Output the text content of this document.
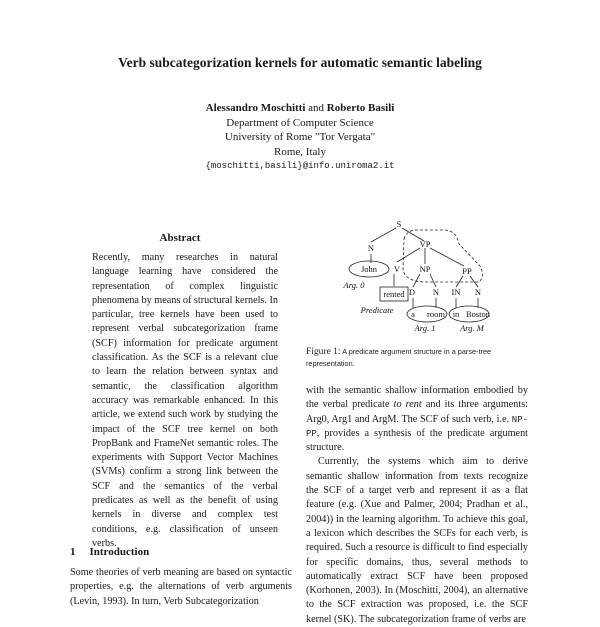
Verb subcategorization kernels for automatic semantic labeling
Alessandro Moschitti and Roberto Basili
Department of Computer Science
University of Rome "Tor Vergata"
Rome, Italy
{moschitti,basili}@info.uniroma2.it
Abstract

Recently, many researches in natural language learning have considered the representation of complex linguistic phenomena by means of structural kernels. In particular, tree kernels have been used to represent verbal subcategorization frame (SCF) information for predicate argument classification. As the SCF is a relevant clue to learn the relation between syntax and semantic, the classification algorithm accuracy was remarkable enhanced. In this article, we extend such work by studying the impact of the SCF tree kernel on both PropBank and FrameNet semantic roles. The experiments with Support Vector Machines (SVMs) confirm a strong link between the SCF and the semantics of the verbal predicates as well as the benefit of using kernels in diverse and complex test conditions, e.g. classification of unseen verbs.

1 Introduction

Some theories of verb meaning are based on syntactic properties, e.g. the alternations of verb arguments (Levin, 1993). In turn, Verb Subcategorization

S
N	VP
V NP	PP
D N IN N
John
rented
a room in Boston
Arg. 0
Predicate
Arg. 1	Arg. M
Figure 1: A predicate argument structure in a parse-tree representation.

with the semantic shallow information embodied by the verbal predicate to rent and its three arguments: Arg0, Arg1 and ArgM. The SCF of such verb, i.e. NP-PP, provides a synthesis of the predicate argument structure.

Currently, the systems which aim to derive semantic shallow information from texts recognize the SCF of a target verb and represent it as a flat feature (e.g. (Xue and Palmer, 2004; Pradhan et al., 2004)) in the learning algorithm. To achieve this goal, a lexicon which describes the SCFs for each verb, is required. Such a resource is difficult to find especially for specific domains, thus, several methods to automatically extract SCF have been proposed (Korhonen, 2003). In (Moschitti, 2004), an alternative to the SCF extraction was proposed, i.e. the SCF kernel (SK). The subcategorization frame of verbs are
